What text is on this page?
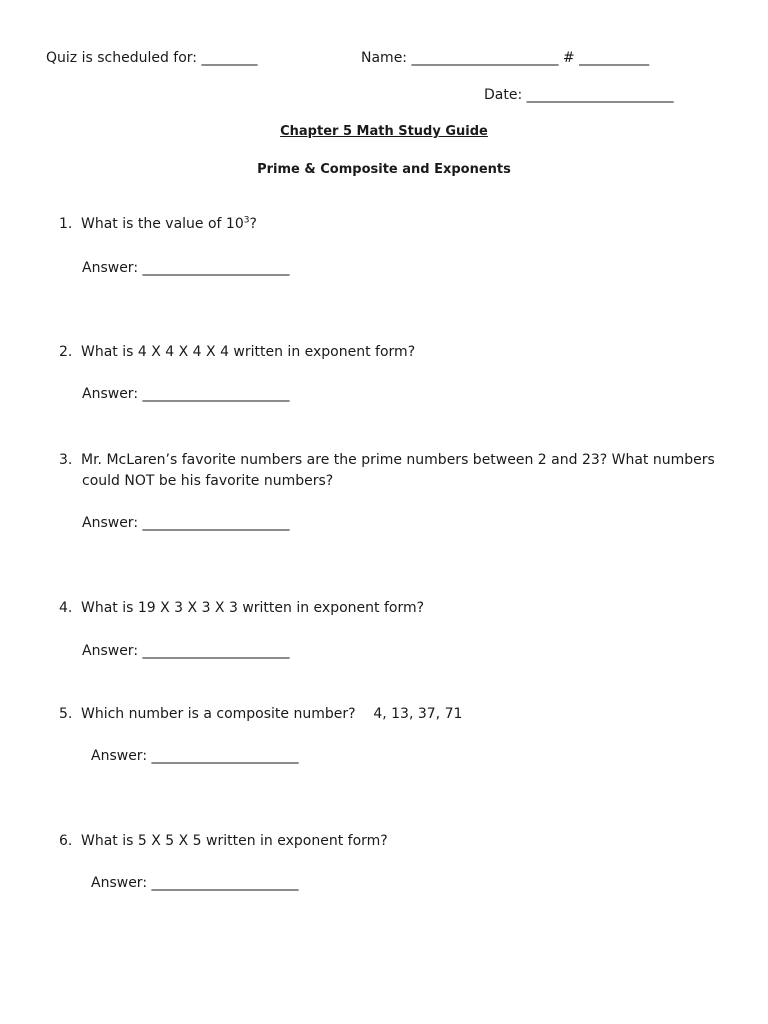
Quiz is scheduled for: ________	Name: _____________________ # __________
Date: _____________________
Chapter 5 Math Study Guide
Prime & Composite and Exponents
1. What is the value of $10^3$?
Answer: _____________________
2. What is 4 X 4 X 4 X 4 written in exponent form?
Answer: _____________________
3. Mr. McLaren’s favorite numbers are the prime numbers between 2 and 23? What numbers
could NOT be his favorite numbers?
Answer: _____________________
4. What is 19 X 3 X 3 X 3 written in exponent form?
Answer: _____________________
5. Which number is a composite number?    4, 13, 37, 71
Answer: _____________________
6. What is 5 X 5 X 5 written in exponent form?
Answer: _____________________
